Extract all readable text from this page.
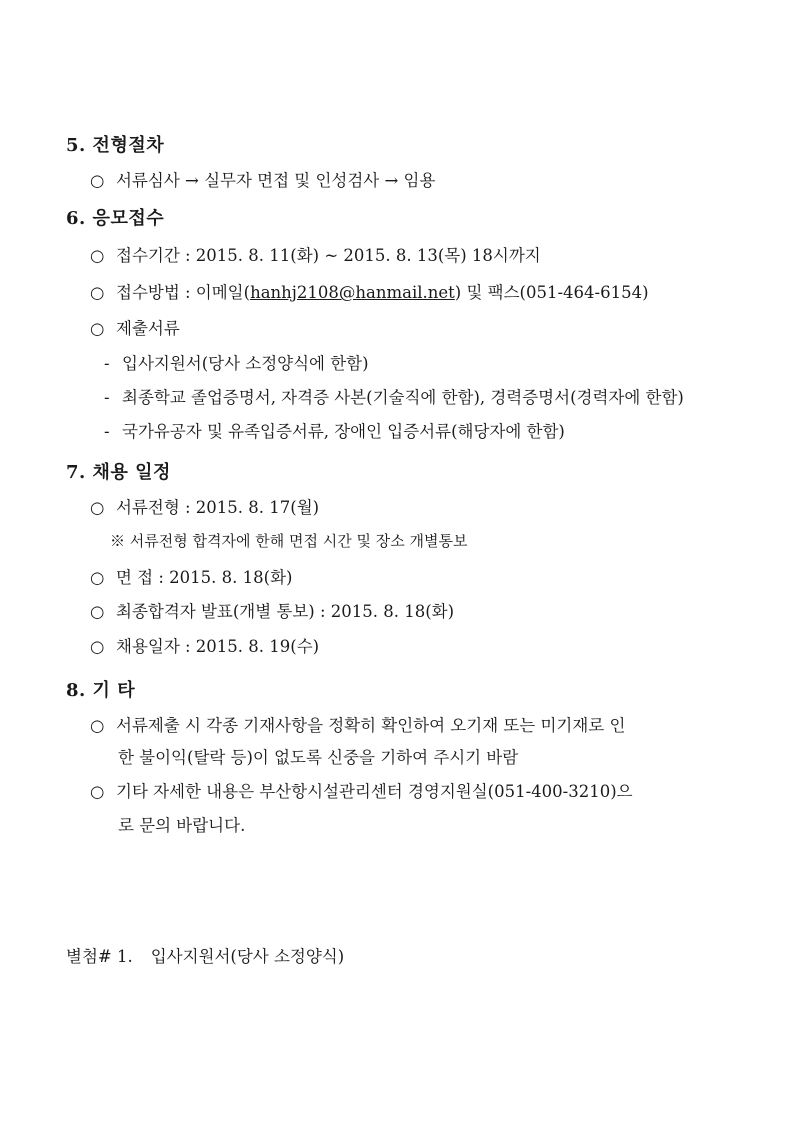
5. 전형절차
○ 서류심사 → 실무자 면접 및 인성검사 → 임용
6. 응모접수
○ 접수기간 : 2015. 8. 11(화) ~ 2015. 8. 13(목) 18시까지
○ 접수방법 : 이메일(hanhj2108@hanmail.net) 및 팩스(051-464-6154)
○ 제출서류
- 입사지원서(당사 소정양식에 한함)
- 최종학교 졸업증명서, 자격증 사본(기술직에 한함), 경력증명서(경력자에 한함)
- 국가유공자 및 유족입증서류, 장애인 입증서류(해당자에 한함)
7. 채용 일정
○ 서류전형 : 2015. 8. 17(월)
※ 서류전형 합격자에 한해 면접 시간 및 장소 개별통보
○ 면 접 : 2015. 8. 18(화)
○ 최종합격자 발표(개별 통보) : 2015. 8. 18(화)
○ 채용일자 : 2015. 8. 19(수)
8. 기 타
○ 서류제출 시 각종 기재사항을 정확히 확인하여 오기재 또는 미기재로 인
한 불이익(탈락 등)이 없도록 신중을 기하여 주시기 바람
○ 기타 자세한 내용은 부산항시설관리센터 경영지원실(051-400-3210)으
로 문의 바랍니다.
별첨# 1. 입사지원서(당사 소정양식)
